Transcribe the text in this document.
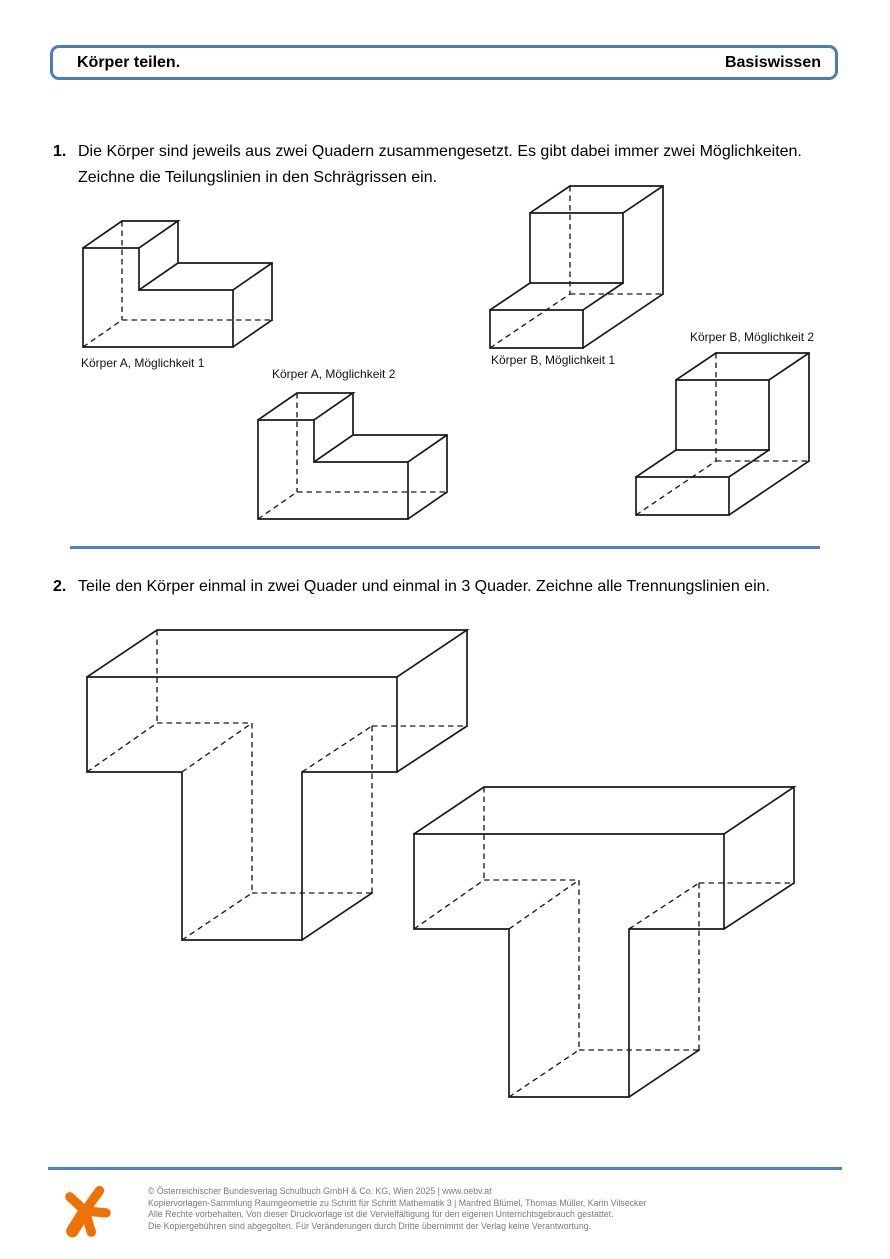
Körper teilen.	Basiswissen
1. Die Körper sind jeweils aus zwei Quadern zusammengesetzt. Es gibt dabei immer zwei Möglichkeiten. Zeichne die Teilungslinien in den Schrägrissen ein.
2. Teile den Körper einmal in zwei Quader und einmal in 3 Quader. Zeichne alle Trennungslinien ein.
Körper A, Möglichkeit 1
Körper A, Möglichkeit 2
Körper B, Möglichkeit 1
Körper B, Möglichkeit 2
© Österreichischer Bundesverlag Schulbuch GmbH & Co. KG, Wien 2025 | www.oebv.at
Kopiervorlagen-Sammlung Raumgeometrie zu Schritt für Schritt Mathematik 3 | Manfred Blümel, Thomas Müller, Karin Vilsecker
Alle Rechte vorbehalten. Von dieser Druckvorlage ist die Vervielfältigung für den eigenen Unterrichtsgebrauch gestattet.
Die Kopiergebühren sind abgegolten. Für Veränderungen durch Dritte übernimmt der Verlag keine Verantwortung.
